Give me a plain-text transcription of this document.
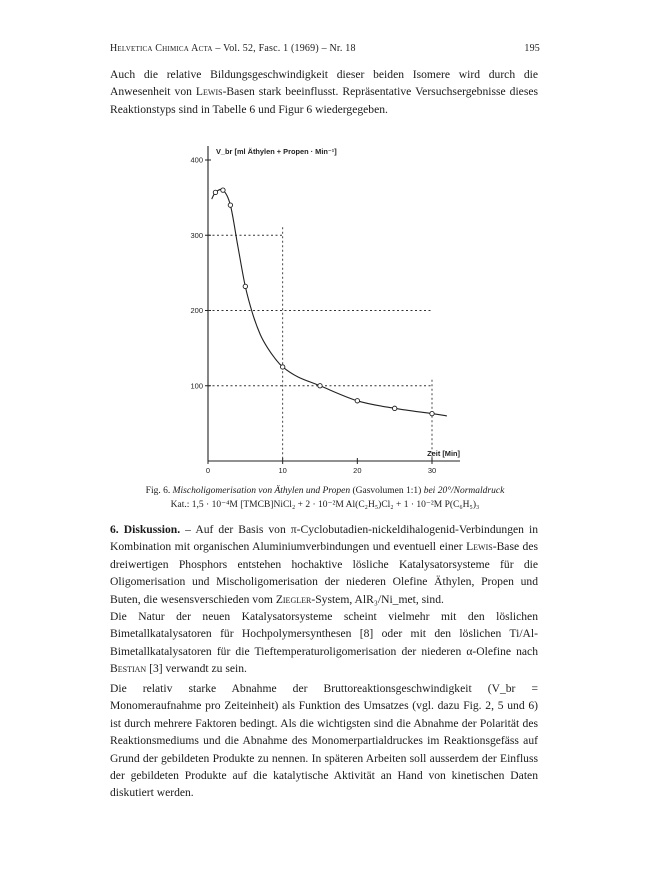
Helvetica Chimica Acta – Vol. 52, Fasc. 1 (1969) – Nr. 18	195
Auch die relative Bildungsgeschwindigkeit dieser beiden Isomere wird durch die Anwesenheit von Lewis-Basen stark beeinflusst. Repräsentative Versuchsergebnisse dieses Reaktionstyps sind in Tabelle 6 und Figur 6 wiedergegeben.
100
200
300
400
0	10	20	30
V_br [ml Äthylen + Propen · Min⁻¹]
Zeit [Min]
Fig. 6. Mischoligomerisation von Äthylen und Propen (Gasvolumen 1:1) bei 20°/Normaldruck
Kat.: 1,5 · 10⁻⁴M [TMCB]NiCl₂ + 2 · 10⁻²M Al(C₂H₅)Cl₂ + 1 · 10⁻²M P(C₆H₅)₃
6. Diskussion. – Auf der Basis von π-Cyclobutadien-nickeldihalogenid-Verbindungen in Kombination mit organischen Aluminiumverbindungen und eventuell einer Lewis-Base des dreiwertigen Phosphors entstehen hochaktive lösliche Katalysatorsysteme für die Oligomerisation und Mischoligomerisation der niederen Olefine Äthylen, Propen und Buten, die wesensverschieden vom Ziegler-System, AlR₃/Ni_met, sind.
Die Natur der neuen Katalysatorsysteme scheint vielmehr mit den löslichen Bimetallkatalysatoren für Hochpolymersynthesen [8] oder mit den löslichen Ti/Al-Bimetallkatalysatoren für die Tieftemperaturoligomerisation der niederen α-Olefine nach Bestian [3] verwandt zu sein.
Die relativ starke Abnahme der Bruttoreaktionsgeschwindigkeit (V_br = Monomeraufnahme pro Zeiteinheit) als Funktion des Umsatzes (vgl. dazu Fig. 2, 5 und 6) ist durch mehrere Faktoren bedingt. Als die wichtigsten sind die Abnahme der Polarität des Reaktionsmediums und die Abnahme des Monomerpartialdruckes im Reaktionsgefäss auf Grund der gebildeten Produkte zu nennen. In späteren Arbeiten soll ausserdem der Einfluss der gebildeten Produkte auf die katalytische Aktivität an Hand von kinetischen Daten diskutiert werden.
